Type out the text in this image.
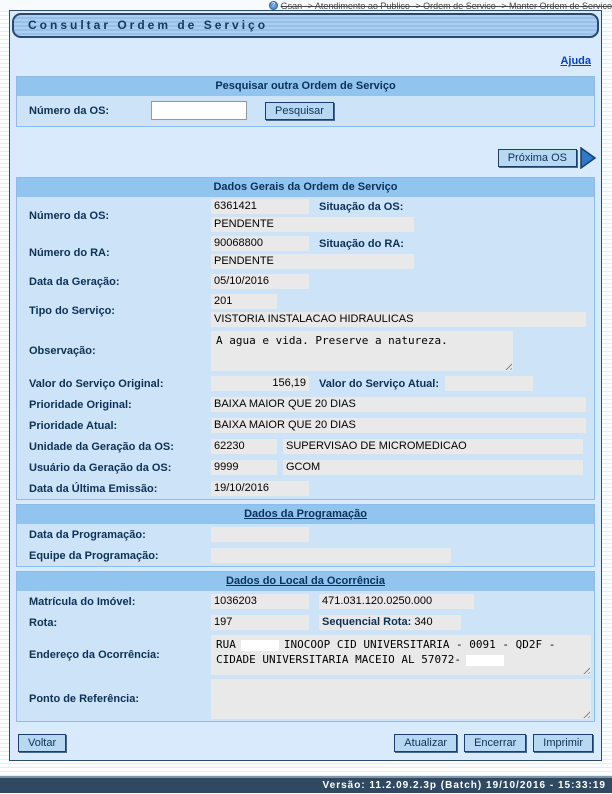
? Gsan -> Atendimento ao Publico -> Ordem de Servico -> Manter Ordem de Servico
Consultar Ordem de Serviço
Ajuda
Pesquisar outra Ordem de Serviço
Número da OS:	Pesquisar
Próxima OS
Dados Gerais da Ordem de Serviço
Número da OS:
6361421	Situação da OS:
PENDENTE
Número do RA:
90068800	Situação do RA:
PENDENTE
Data da Geração:	05/10/2016
Tipo do Serviço:
201
VISTORIA INSTALACAO HIDRAULICAS
Observação:
A agua e vida. Preserve a natureza.
Valor do Serviço Original:	156,19 Valor do Serviço Atual:
Prioridade Original:	BAIXA MAIOR QUE 20 DIAS
Prioridade Atual:	BAIXA MAIOR QUE 20 DIAS
Unidade da Geração da OS:	62230	SUPERVISAO DE MICROMEDICAO
Usuário da Geração da OS:	9999	GCOM
Data da Última Emissão:	19/10/2016
Dados da Programação
Data da Programação:
Equipe da Programação:
Dados do Local da Ocorrência
Matrícula do Imóvel:	1036203	471.031.120.0250.000
Rota:	197	Sequencial Rota: 340
Endereço da Ocorrência:
RUA	INOCOOP CID UNIVERSITARIA - 0091 - QD2F -
CIDADE UNIVERSITARIA MACEIO AL 57072-
Ponto de Referência:
Voltar	Atualizar	Encerrar	Imprimir
Versão: 11.2.09.2.3p (Batch) 19/10/2016 - 15:33:19
